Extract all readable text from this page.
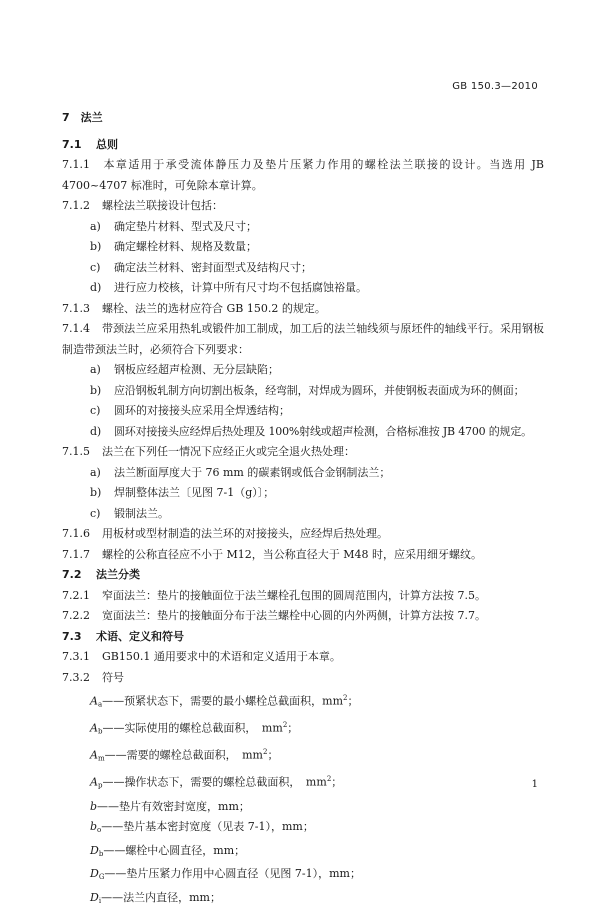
GB 150.3—2010
7　法兰
7.1 总则
7.1.1 本章适用于承受流体静压力及垫片压紧力作用的螺栓法兰联接的设计。当选用 JB 4700~4707 标准时，可免除本章计算。
7.1.2 螺栓法兰联接设计包括：
a) 确定垫片材料、型式及尺寸；
b) 确定螺栓材料、规格及数量；
c) 确定法兰材料、密封面型式及结构尺寸；
d) 进行应力校核，计算中所有尺寸均不包括腐蚀裕量。
7.1.3 螺栓、法兰的选材应符合 GB 150.2 的规定。
7.1.4 带颈法兰应采用热轧或锻件加工制成，加工后的法兰轴线须与原坯件的轴线平行。采用钢板制造带颈法兰时，必须符合下列要求：
a) 钢板应经超声检测、无分层缺陷；
b) 应沿钢板轧制方向切割出板条，经弯制，对焊成为圆环，并使钢板表面成为环的侧面；
c) 圆环的对接接头应采用全焊透结构；
d) 圆环对接接头应经焊后热处理及 100%射线或超声检测，合格标准按 JB 4700 的规定。
7.1.5 法兰在下列任一情况下应经正火或完全退火热处理：
a) 法兰断面厚度大于 76 mm 的碳素钢或低合金钢制法兰；
b) 焊制整体法兰〔见图 7-1（g）〕；
c) 锻制法兰。
7.1.6 用板材或型材制造的法兰环的对接接头，应经焊后热处理。
7.1.7 螺栓的公称直径应不小于 M12，当公称直径大于 M48 时，应采用细牙螺纹。
7.2 法兰分类
7.2.1 窄面法兰：垫片的接触面位于法兰螺栓孔包围的圆周范围内，计算方法按 7.5。
7.2.2 宽面法兰：垫片的接触面分布于法兰螺栓中心圆的内外两侧，计算方法按 7.7。
7.3 术语、定义和符号
7.3.1 GB150.1 通用要求中的术语和定义适用于本章。
7.3.2 符号
$A_a——$预紧状态下，需要的最小螺栓总截面积，$mm^2$；
$A_b——$实际使用的螺栓总截面积，　$mm^2$；
$A_m——$需要的螺栓总截面积，　$mm^2$；
$A_p——$操作状态下，需要的螺栓总截面积，　$mm^2$；
b——垫片有效密封宽度，mm；
$b_o——$垫片基本密封宽度（见表 7-1），mm；
$D_b——$螺栓中心圆直径，mm；
$D_G——$垫片压紧力作用中心圆直径（见图 7-1），mm；
$D_i——$法兰内直径，mm；
1
